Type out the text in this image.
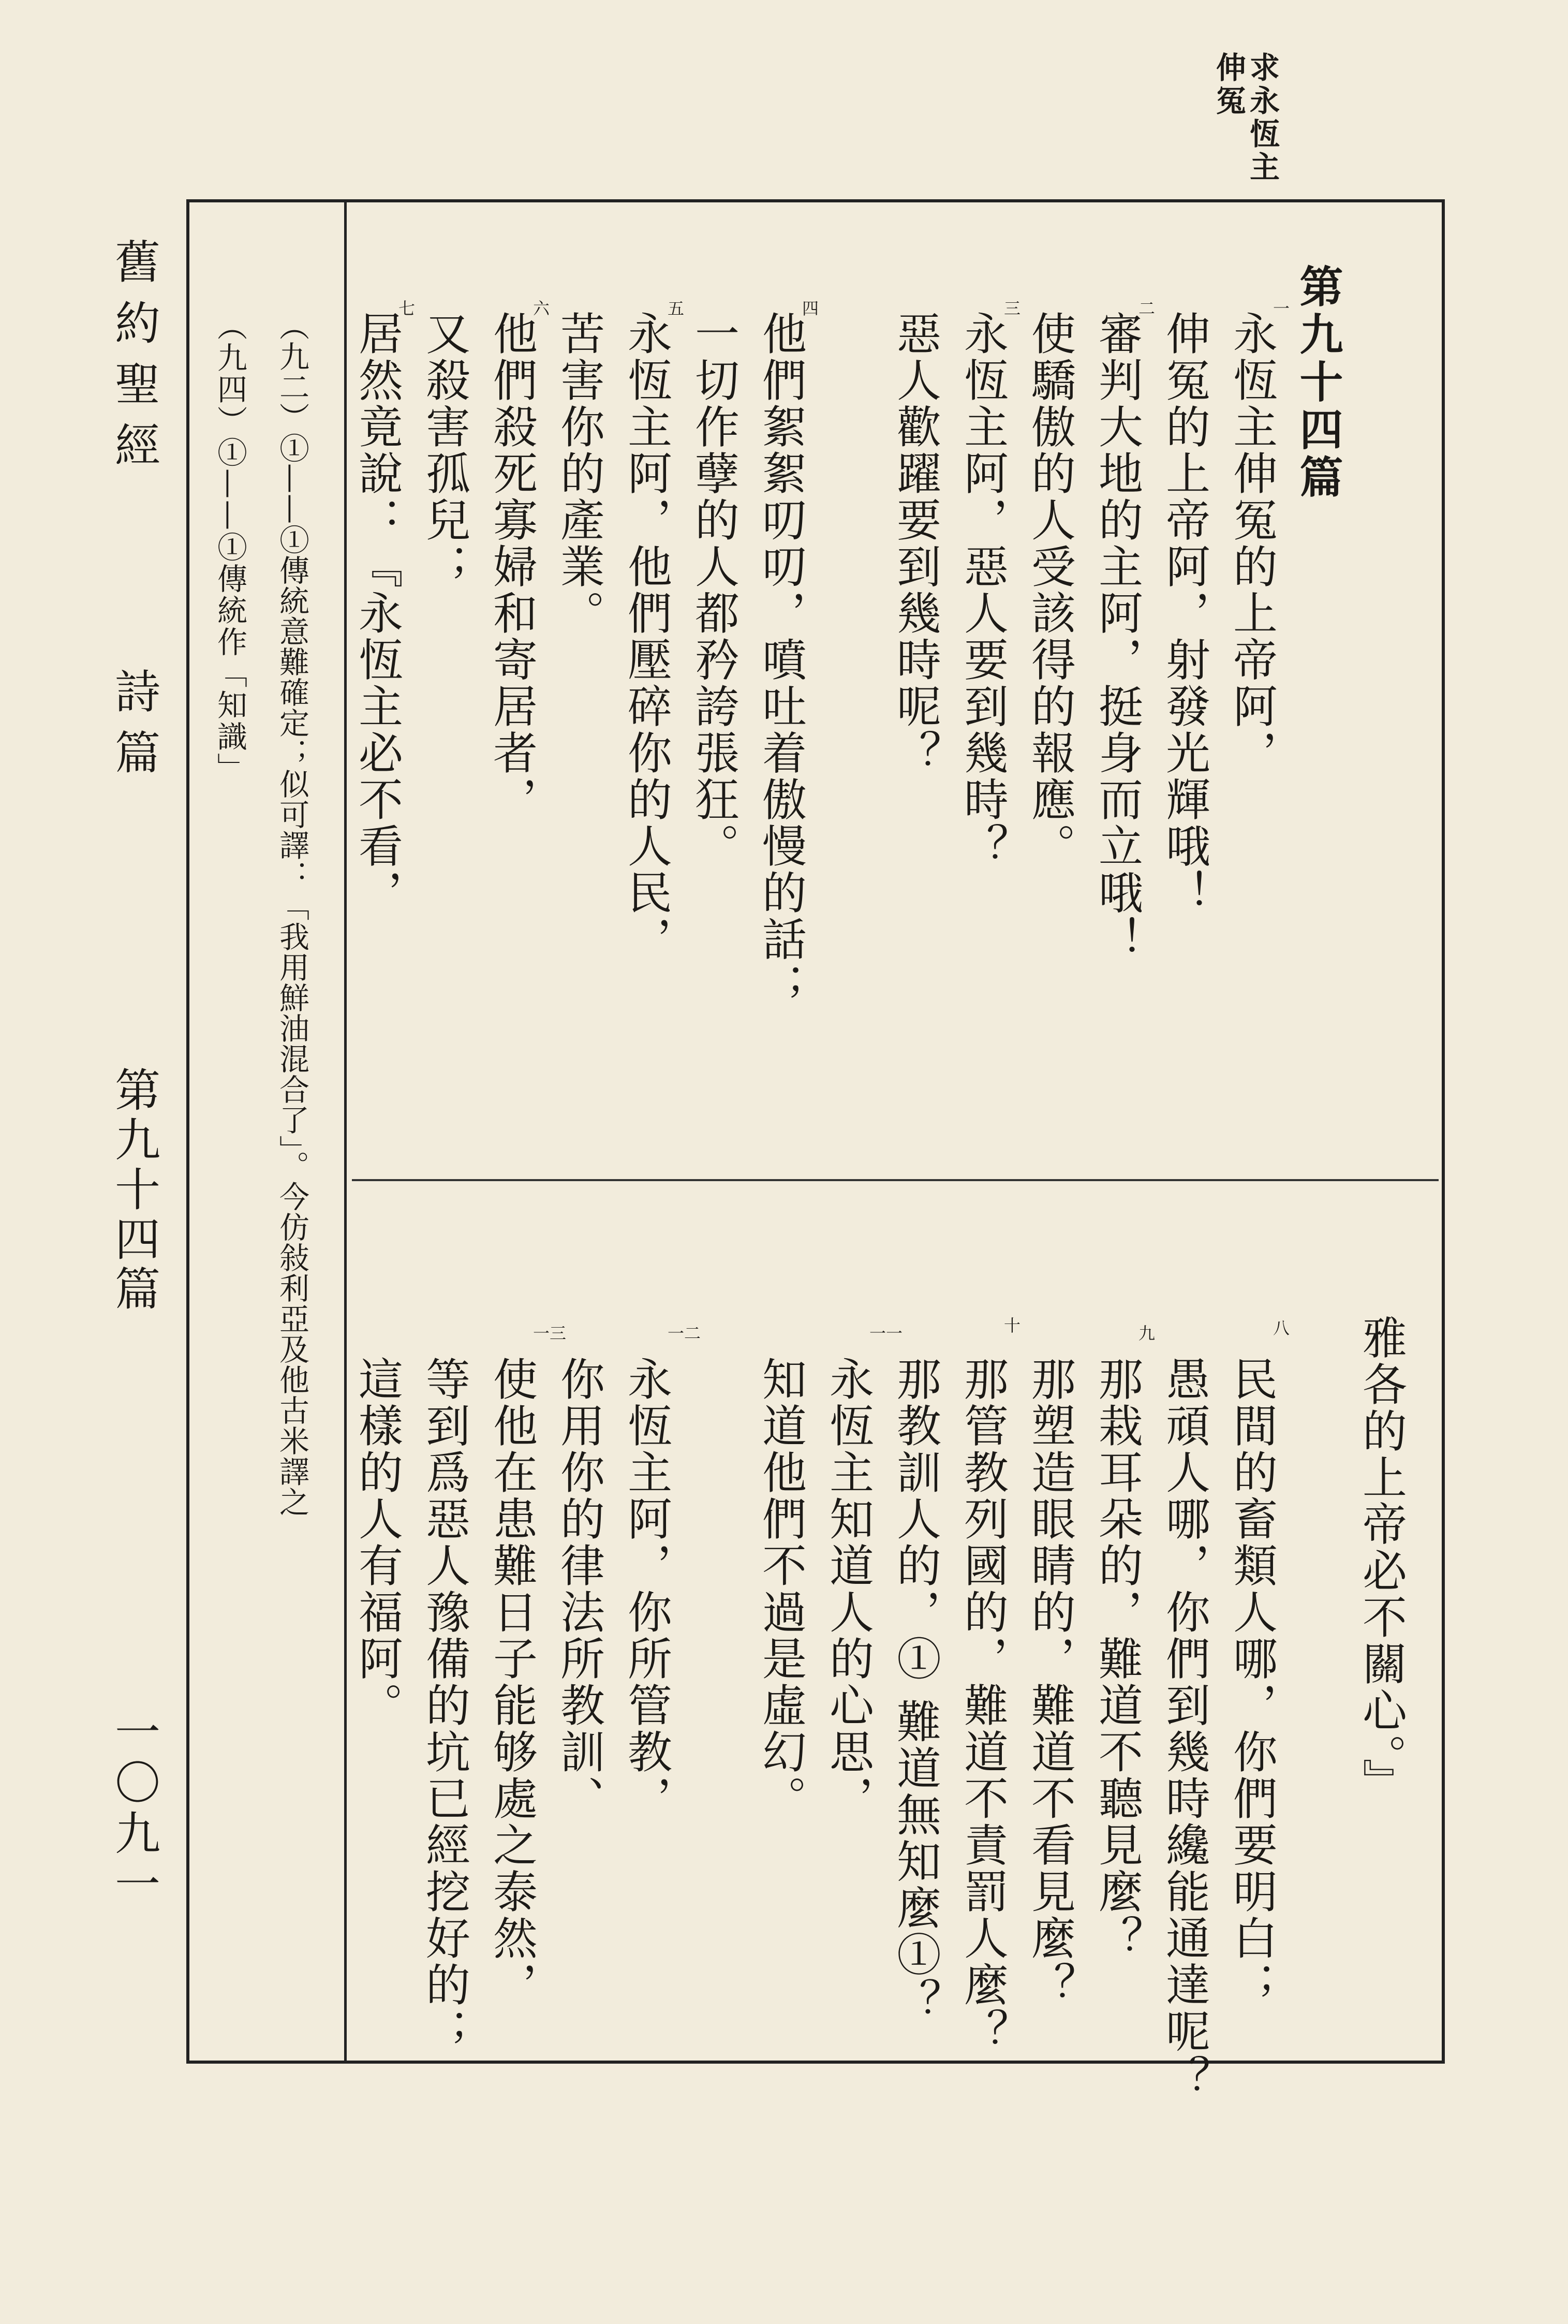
求永恆主
伸冤
舊約聖經
詩篇
第九十四篇
一〇九一
第九十四篇
永恆主伸冤的上帝阿，
伸冤的上帝阿，射發光輝哦！
審判大地的主阿，挺身而立哦！
使驕傲的人受該得的報應。
永恆主阿，惡人要到幾時？
惡人歡躍要到幾時呢？
他們絮絮叨叨，噴吐着傲慢的話；
一切作孽的人都矜誇張狂。
永恆主阿，他們壓碎你的人民，
苦害你的產業。
他們殺死寡婦和寄居者，
又殺害孤兒；
居然竟說：『永恆主必不看，
雅各的上帝必不關心。』
民間的畜類人哪，你們要明白；
愚頑人哪，你們到幾時纔能通達呢？
那栽耳朵的，難道不聽見麼？
那塑造眼睛的，難道不看見麼？
那管教列國的，難道不責罰人麼？
那教訓人的，① 難道無知麼①？
永恆主知道人的心思，
知道他們不過是虛幻。
永恆主阿，你所管教，
你用你的律法所教訓、
使他在患難日子能够處之泰然，
等到爲惡人豫備的坑已經挖好的；
這樣的人有福阿。
一
二
三
四
五
六
七
八
九
十
一一
一二
一三
（九二）①——①傳統意難確定；似可譯：「我用鮮油混合了」。今仿敍利亞及他古米譯之
（九四）①——①傳統作「知識」
